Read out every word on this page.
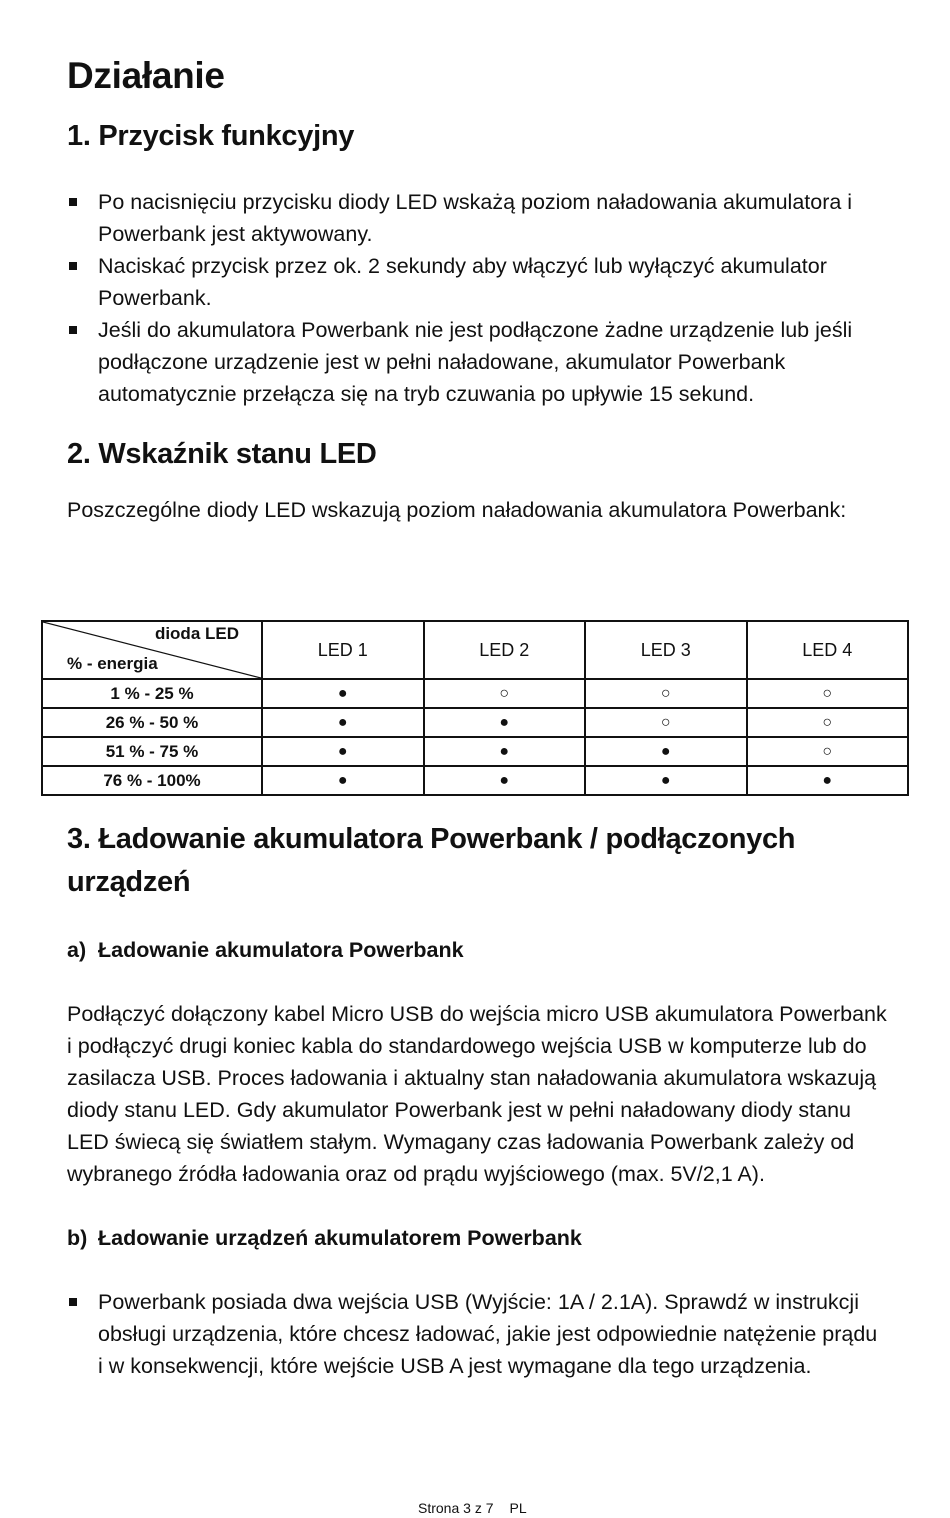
Działanie
1. Przycisk funkcyjny
Po nacisnięciu przycisku diody LED wskażą poziom naładowania akumulatora i Powerbank jest aktywowany.
Naciskać przycisk przez ok. 2 sekundy aby włączyć lub wyłączyć akumulator Powerbank.
Jeśli do akumulatora Powerbank nie jest podłączone żadne urządzenie lub jeśli podłączone urządzenie jest w pełni naładowane, akumulator Powerbank automatycznie przełącza się na tryb czuwania po upływie 15 sekund.
2. Wskaźnik stanu LED

Poszczególne diody LED wskazują poziom naładowania akumulatora Powerbank:

dioda LED
% - energia	LED 1	LED 2	LED 3	LED 4
1 % - 25 %	●	○	○	○
26 % - 50 %	●	●	○	○
51 % - 75 %	●	●	●	○
76 % - 100%	●	●	●	●
3. Ładowanie akumulatora Powerbank / podłączonych urządzeń

a) Ładowanie akumulatora Powerbank

Podłączyć dołączony kabel Micro USB do wejścia micro USB akumulatora Powerbank i podłączyć drugi koniec kabla do standardowego wejścia USB w komputerze lub do zasilacza USB. Proces ładowania i aktualny stan naładowania akumulatora wskazują diody stanu LED. Gdy akumulator Powerbank jest w pełni naładowany diody stanu LED świecą się światłem stałym. Wymagany czas ładowania Powerbank zależy od wybranego źródła ładowania oraz od prądu wyjściowego (max. 5V/2,1 A).

b) Ładowanie urządzeń akumulatorem Powerbank

Powerbank posiada dwa wejścia USB (Wyjście: 1A / 2.1A). Sprawdź w instrukcji obsługi urządzenia, które chcesz ładować, jakie jest odpowiednie natężenie prądu i w konsekwencji, które wejście USB A jest wymagane dla tego urządzenia.
Strona 3 z 7 PL
